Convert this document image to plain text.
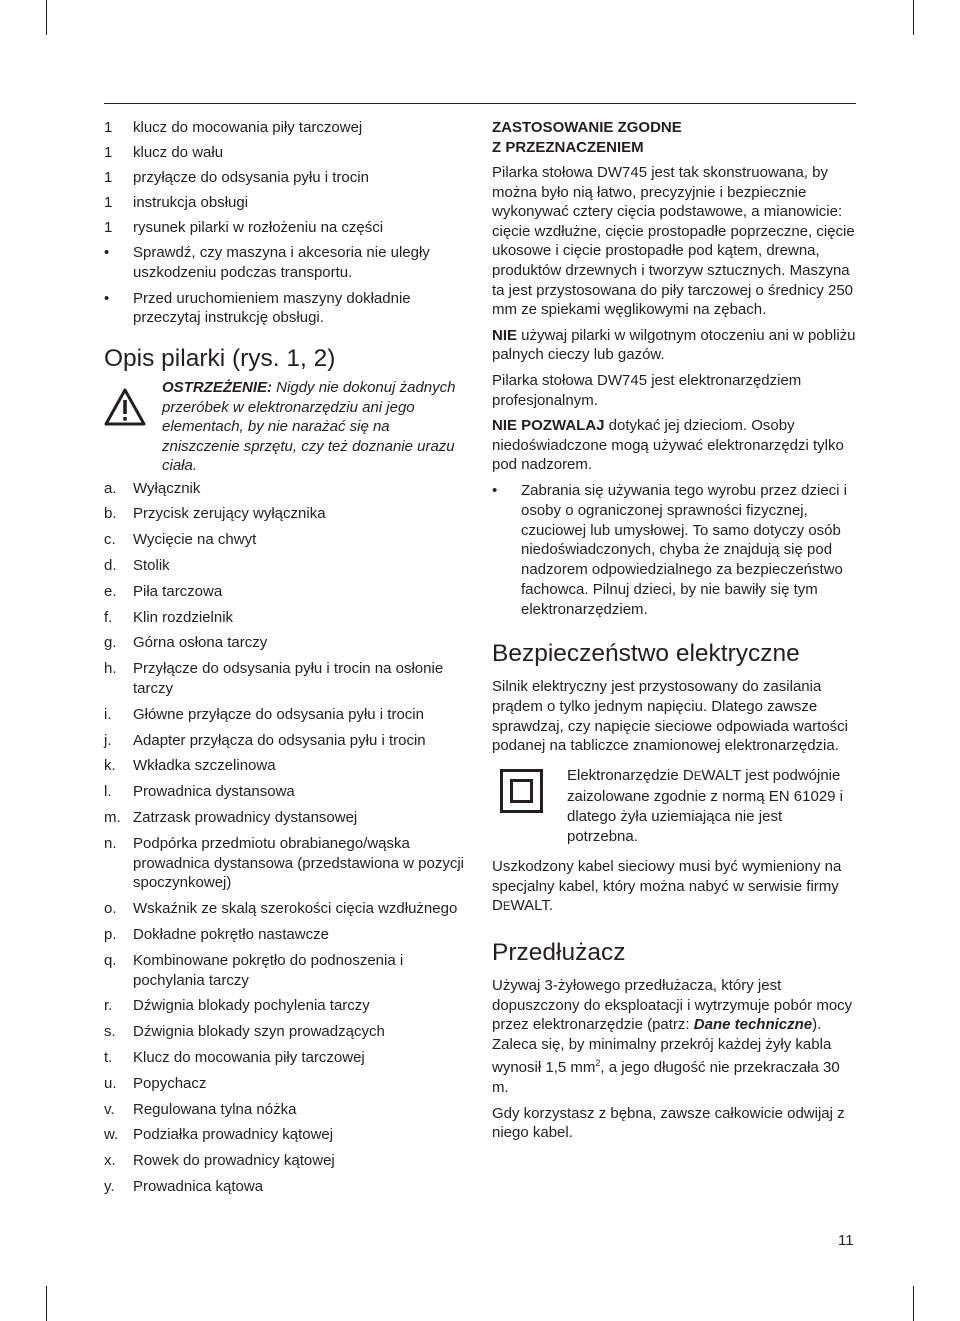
1	klucz do mocowania piły tarczowej
1	klucz do wału
1	przyłącze do odsysania pyłu i trocin
1	instrukcja obsługi
1	rysunek pilarki w rozłożeniu na części
•	Sprawdź, czy maszyna i akcesoria nie uległy uszkodzeniu podczas transportu.
•	Przed uruchomieniem maszyny dokładnie przeczytaj instrukcję obsługi.
Opis pilarki (rys. 1, 2)
OSTRZEŻENIE: Nigdy nie dokonuj żadnych przeróbek w elektronarzędziu ani jego elementach, by nie narażać się na zniszczenie sprzętu, czy też doznanie urazu ciała.
a.	Wyłącznik
b.	Przycisk zerujący wyłącznika
c.	Wycięcie na chwyt
d.	Stolik
e.	Piła tarczowa
f.	Klin rozdzielnik
g.	Górna osłona tarczy
h.	Przyłącze do odsysania pyłu i trocin na osłonie tarczy
i.	Główne przyłącze do odsysania pyłu i trocin
j.	Adapter przyłącza do odsysania pyłu i trocin
k.	Wkładka szczelinowa
l.	Prowadnica dystansowa
m. Zatrzask prowadnicy dystansowej
n.	Podpórka przedmiotu obrabianego/wąska prowadnica dystansowa (przedstawiona w pozycji spoczynkowej)
o.	Wskaźnik ze skalą szerokości cięcia wzdłużnego
p.	Dokładne pokrętło nastawcze
q.	Kombinowane pokrętło do podnoszenia i pochylania tarczy
r.	Dźwignia blokady pochylenia tarczy
s.	Dźwignia blokady szyn prowadzących
t.	Klucz do mocowania piły tarczowej
u.	Popychacz
v.	Regulowana tylna nóżka
w. Podziałka prowadnicy kątowej
x.	Rowek do prowadnicy kątowej
y.	Prowadnica kątowa
ZASTOSOWANIE ZGODNE
Z PRZEZNACZENIEM

Pilarka stołowa DW745 jest tak skonstruowana, by można było nią łatwo, precyzyjnie i bezpiecznie wykonywać cztery cięcia podstawowe, a mianowicie: cięcie wzdłużne, cięcie prostopadłe poprzeczne, cięcie ukosowe i cięcie prostopadłe pod kątem, drewna, produktów drzewnych i tworzyw sztucznych. Maszyna ta jest przystosowana do piły tarczowej o średnicy 250 mm ze spiekami węglikowymi na zębach.

NIE używaj pilarki w wilgotnym otoczeniu ani w pobliżu palnych cieczy lub gazów.

Pilarka stołowa DW745 jest elektronarzędziem profesjonalnym.

NIE POZWALAJ dotykać jej dzieciom. Osoby niedoświadczone mogą używać elektronarzędzi tylko pod nadzorem.

•	Zabrania się używania tego wyrobu przez dzieci i osoby o ograniczonej sprawności fizycznej, czuciowej lub umysłowej. To samo dotyczy osób niedoświadczonych, chyba że znajdują się pod nadzorem odpowiedzialnego za bezpieczeństwo fachowca. Pilnuj dzieci, by nie bawiły się tym elektronarzędziem.
Bezpieczeństwo elektryczne

Silnik elektryczny jest przystosowany do zasilania prądem o tylko jednym napięciu. Dlatego zawsze sprawdzaj, czy napięcie sieciowe odpowiada wartości podanej na tabliczce znamionowej elektronarzędzia.

Elektronarzędzie DEWALT jest podwójnie zaizolowane zgodnie z normą EN 61029 i dlatego żyła uziemiająca nie jest potrzebna.

Uszkodzony kabel sieciowy musi być wymieniony na specjalny kabel, który można nabyć w serwisie firmy DEWALT.

Przedłużacz

Używaj 3-żyłowego przedłużacza, który jest dopuszczony do eksploatacji i wytrzymuje pobór mocy przez elektronarzędzie (patrz: Dane techniczne). Zaleca się, by minimalny przekrój każdej żyły kabla wynosił 1,5 $mm^2$, a jego długość nie przekraczała 30 m.

Gdy korzystasz z bębna, zawsze całkowicie odwijaj z niego kabel.

11
